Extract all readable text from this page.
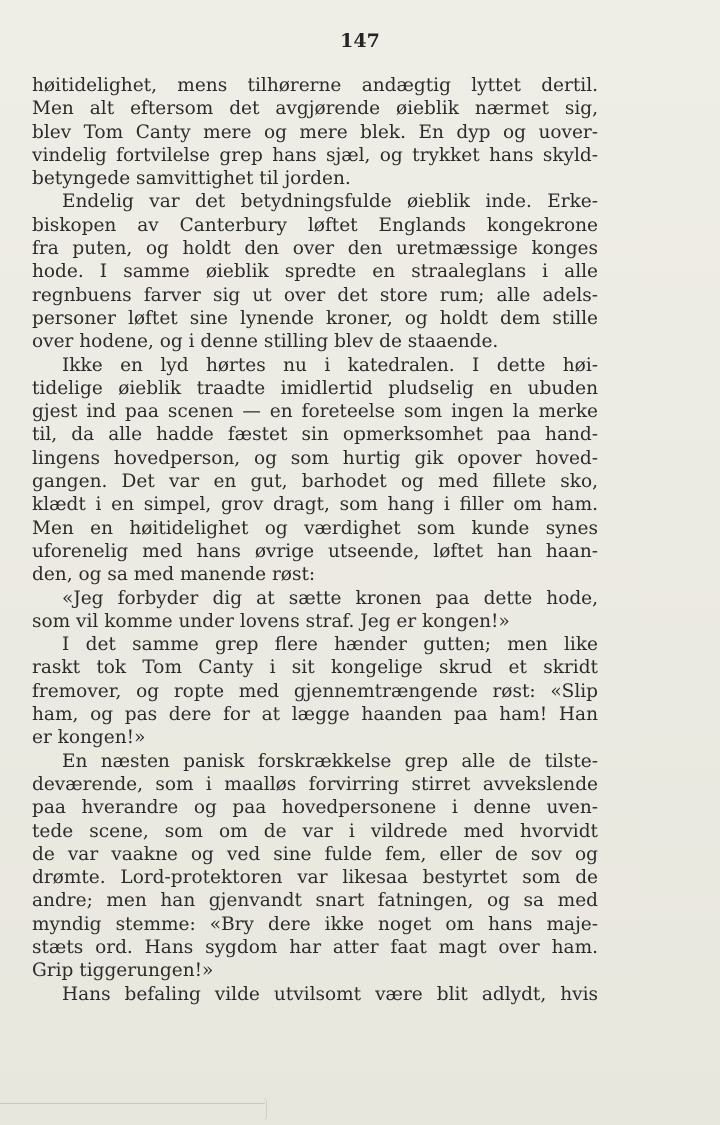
147
høitidelighet, mens tilhørerne andægtig lyttet dertil.
Men alt eftersom det avgjørende øieblik nærmet sig,
blev Tom Canty mere og mere blek. En dyp og uover-
vindelig fortvilelse grep hans sjæl, og trykket hans skyld-
betyngede samvittighet til jorden.
Endelig var det betydningsfulde øieblik inde. Erke-
biskopen av Canterbury løftet Englands kongekrone
fra puten, og holdt den over den uretmæssige konges
hode. I samme øieblik spredte en straaleglans i alle
regnbuens farver sig ut over det store rum; alle adels-
personer løftet sine lynende kroner, og holdt dem stille
over hodene, og i denne stilling blev de staaende.
Ikke en lyd hørtes nu i katedralen. I dette høi-
tidelige øieblik traadte imidlertid pludselig en ubuden
gjest ind paa scenen — en foreteelse som ingen la merke
til, da alle hadde fæstet sin opmerksomhet paa hand-
lingens hovedperson, og som hurtig gik opover hoved-
gangen. Det var en gut, barhodet og med fillete sko,
klædt i en simpel, grov dragt, som hang i filler om ham.
Men en høitidelighet og værdighet som kunde synes
uforenelig med hans øvrige utseende, løftet han haan-
den, og sa med manende røst:
«Jeg forbyder dig at sætte kronen paa dette hode,
som vil komme under lovens straf. Jeg er kongen!»
I det samme grep flere hænder gutten; men like
raskt tok Tom Canty i sit kongelige skrud et skridt
fremover, og ropte med gjennemtrængende røst: «Slip
ham, og pas dere for at lægge haanden paa ham! Han
er kongen!»
En næsten panisk forskrækkelse grep alle de tilste-
deværende, som i maalløs forvirring stirret avvekslende
paa hverandre og paa hovedpersonene i denne uven-
tede scene, som om de var i vildrede med hvorvidt
de var vaakne og ved sine fulde fem, eller de sov og
drømte. Lord-protektoren var likesaa bestyrtet som de
andre; men han gjenvandt snart fatningen, og sa med
myndig stemme: «Bry dere ikke noget om hans maje-
stæts ord. Hans sygdom har atter faat magt over ham.
Grip tiggerungen!»
Hans befaling vilde utvilsomt være blit adlydt, hvis
